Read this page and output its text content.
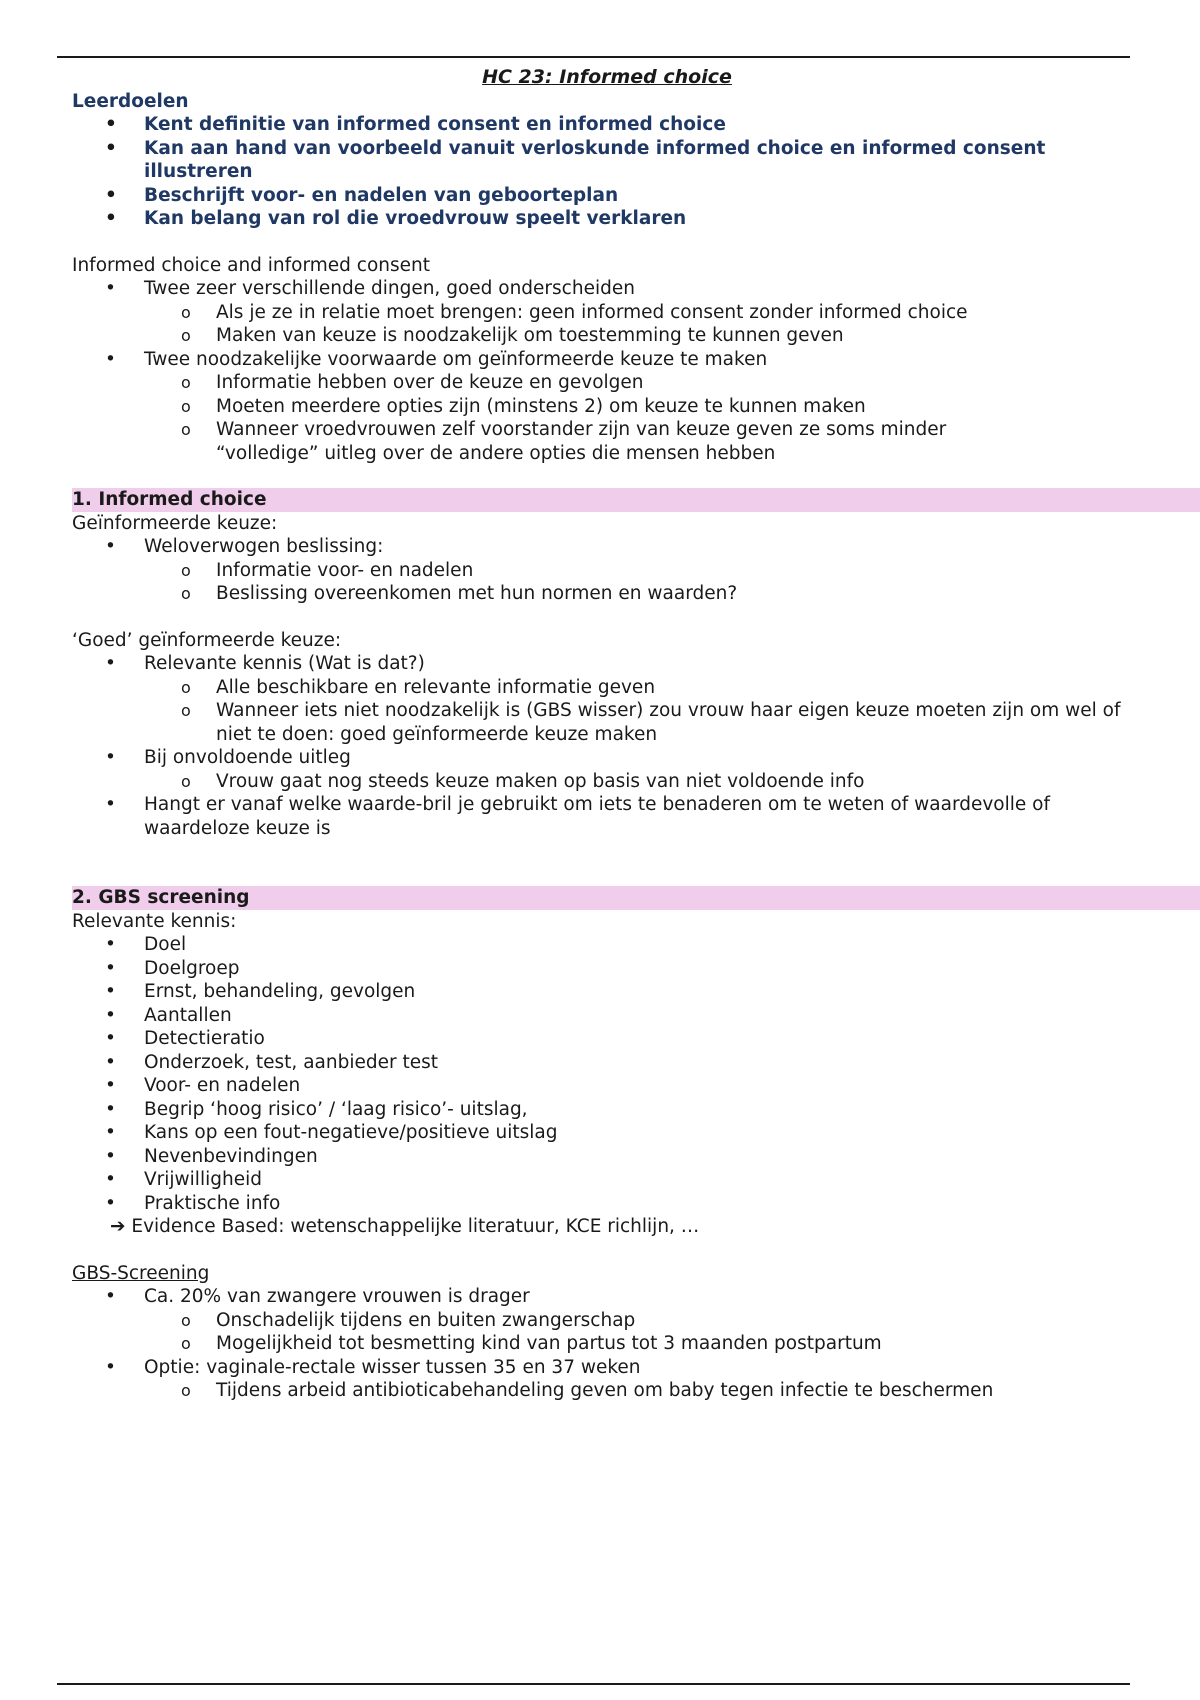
HC 23: Informed choice
Leerdoelen
• Kent definitie van informed consent en informed choice
• Kan aan hand van voorbeeld vanuit verloskunde informed choice en informed consent illustreren
• Beschrijft voor- en nadelen van geboorteplan
• Kan belang van rol die vroedvrouw speelt verklaren
Informed choice and informed consent
• Twee zeer verschillende dingen, goed onderscheiden
o Als je ze in relatie moet brengen: geen informed consent zonder informed choice
o Maken van keuze is noodzakelijk om toestemming te kunnen geven
• Twee noodzakelijke voorwaarde om geïnformeerde keuze te maken
o Informatie hebben over de keuze en gevolgen
o Moeten meerdere opties zijn (minstens 2) om keuze te kunnen maken
o Wanneer vroedvrouwen zelf voorstander zijn van keuze geven ze soms minder “volledige” uitleg over de andere opties die mensen hebben
1. Informed choice
Geïnformeerde keuze:
• Weloverwogen beslissing:
o Informatie voor- en nadelen
o Beslissing overeenkomen met hun normen en waarden?
‘Goed’ geïnformeerde keuze:
• Relevante kennis (Wat is dat?)
o Alle beschikbare en relevante informatie geven
o Wanneer iets niet noodzakelijk is (GBS wisser) zou vrouw haar eigen keuze moeten zijn om wel of niet te doen: goed geïnformeerde keuze maken
• Bij onvoldoende uitleg
o Vrouw gaat nog steeds keuze maken op basis van niet voldoende info
• Hangt er vanaf welke waarde-bril je gebruikt om iets te benaderen om te weten of waardevolle of waardeloze keuze is
2. GBS screening
Relevante kennis:
• Doel
• Doelgroep
• Ernst, behandeling, gevolgen
• Aantallen
• Detectieratio
• Onderzoek, test, aanbieder test
• Voor- en nadelen
• Begrip ‘hoog risico’ / ‘laag risico’- uitslag,
• Kans op een fout-negatieve/positieve uitslag
• Nevenbevindingen
• Vrijwilligheid
• Praktische info
➔ Evidence Based: wetenschappelijke literatuur, KCE richlijn, …
GBS-Screening
• Ca. 20% van zwangere vrouwen is drager
o Onschadelijk tijdens en buiten zwangerschap
o Mogelijkheid tot besmetting kind van partus tot 3 maanden postpartum
• Optie: vaginale-rectale wisser tussen 35 en 37 weken
o Tijdens arbeid antibioticabehandeling geven om baby tegen infectie te beschermen
